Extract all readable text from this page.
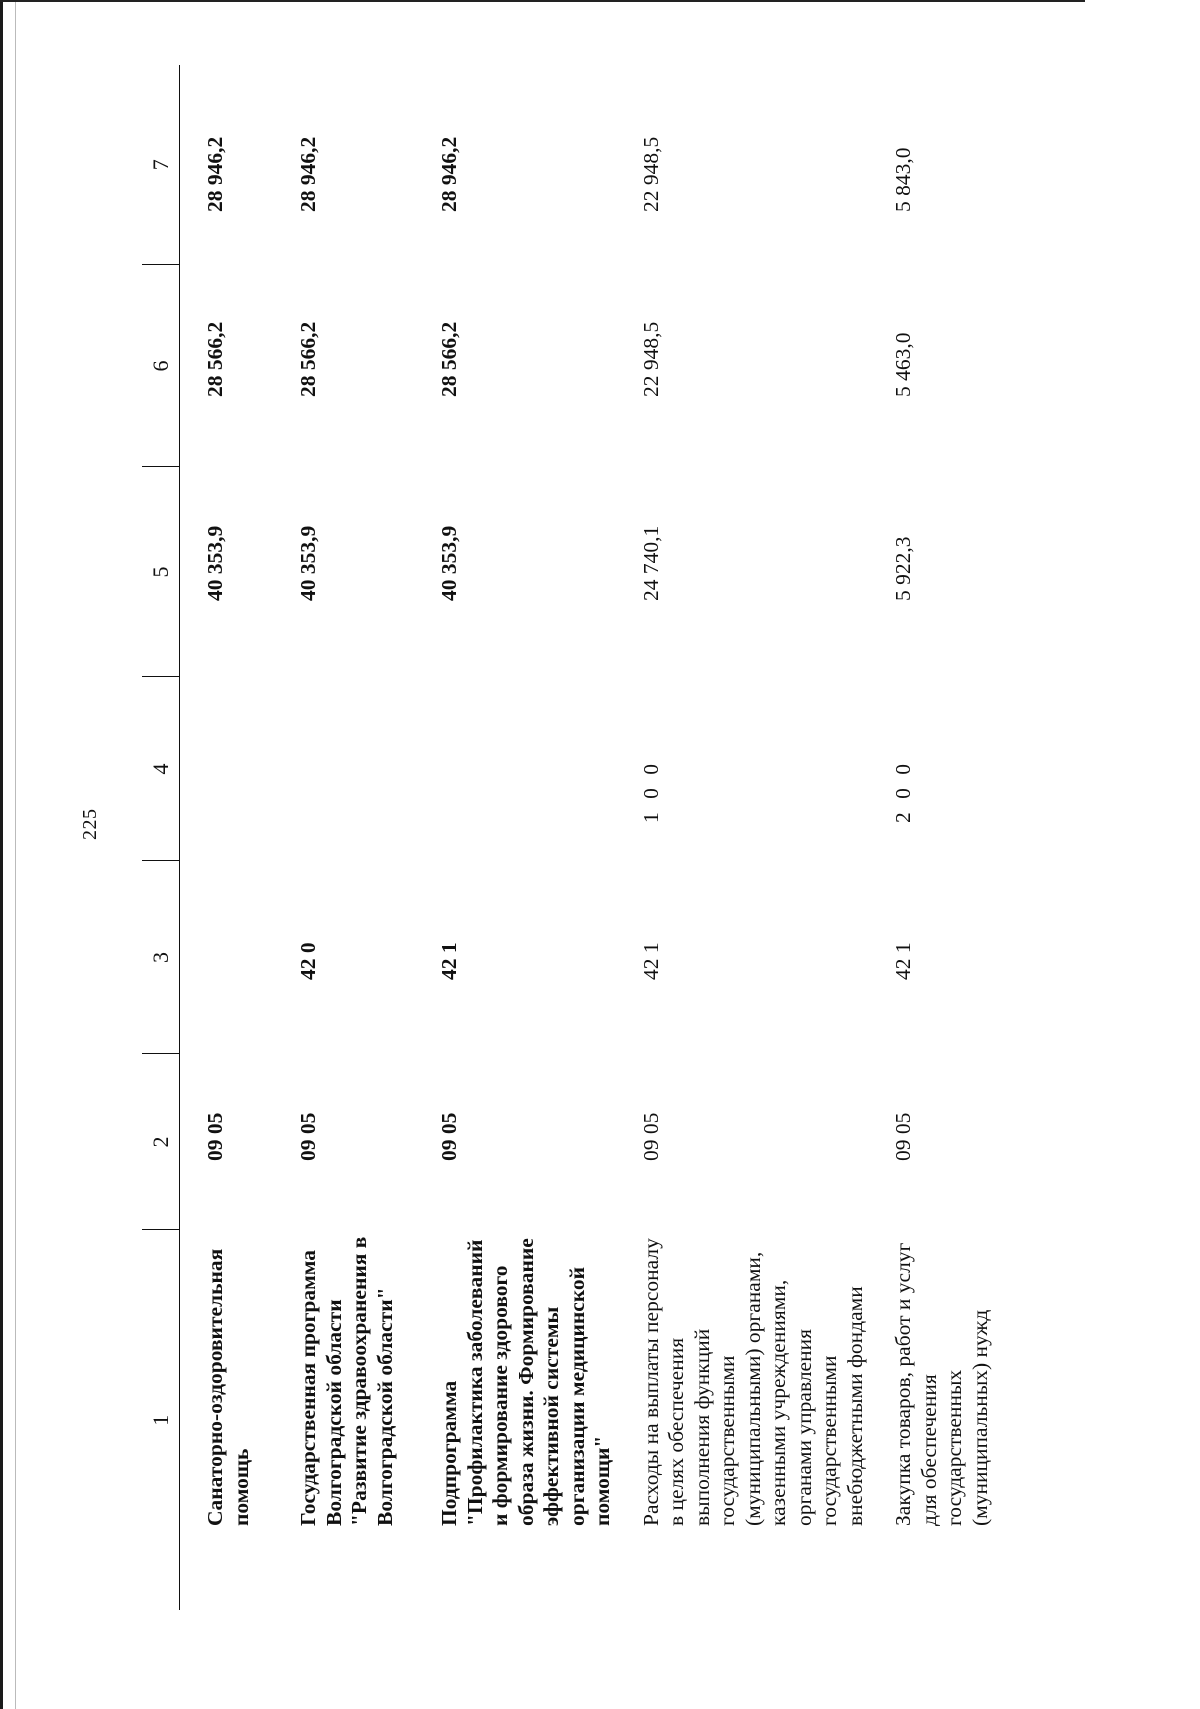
225
1	2	3	4	5	6	7
Санаторно-оздоровительная помощь	09 05			40 353,9	28 566,2	28 946,2
Государственная программа Волгоградской области "Развитие здравоохранения в Волгоградской области"	09 05	42 0		40 353,9	28 566,2	28 946,2
Подпрограмма "Профилактика заболеваний и формирование здорового образа жизни. Формирование эффективной системы организации медицинской помощи"	09 05	42 1		40 353,9	28 566,2	28 946,2
Расходы на выплаты персоналу в целях обеспечения выполнения функций государственными (муниципальными) органами, казенными учреждениями, органами управления государственными внебюджетными фондами	09 05	42 1	1 0 0	24 740,1	22 948,5	22 948,5
Закупка товаров, работ и услуг для обеспечения государственных (муниципальных) нужд	09 05	42 1	2 0 0	5 922,3	5 463,0	5 843,0
